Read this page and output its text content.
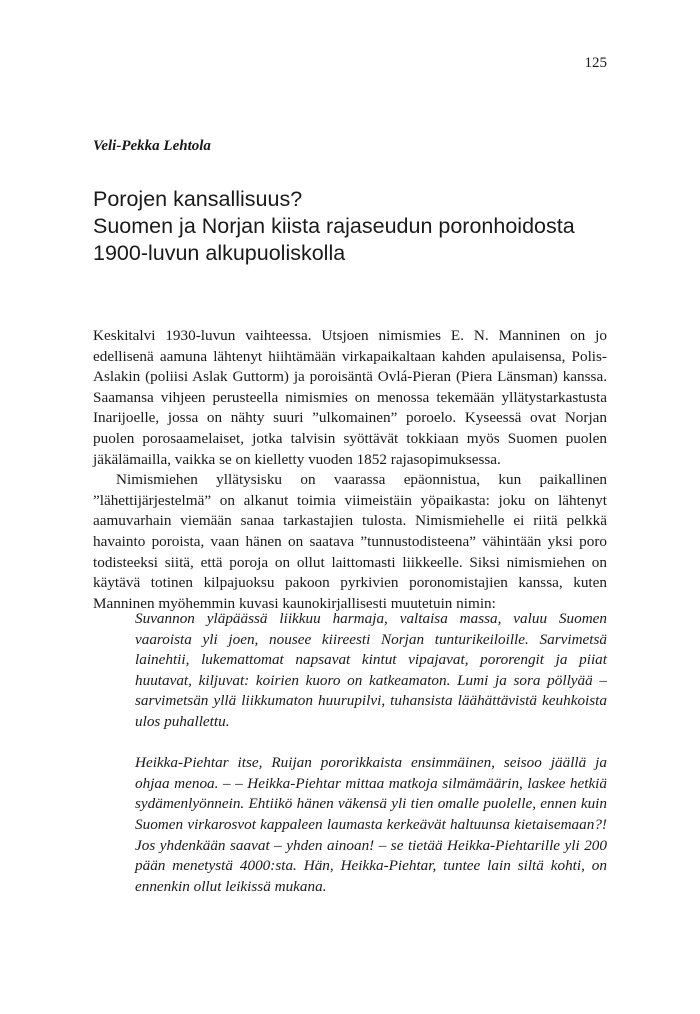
125
Veli-Pekka Lehtola
Porojen kansallisuus?
Suomen ja Norjan kiista rajaseudun poronhoidosta
1900-luvun alkupuoliskolla

Keskitalvi 1930-luvun vaihteessa. Utsjoen nimismies E. N. Manninen on jo edellisenä aamuna lähtenyt hiihtämään virkapaikaltaan kahden apulaisensa, Polis-Aslakin (poliisi Aslak Guttorm) ja poroisäntä Ovlá-Pieran (Piera Länsman) kanssa. Saamansa vihjeen perusteella nimismies on menossa tekemään yllätystarkastusta Inarijoelle, jossa on nähty suuri ”ulkomainen” poroelo. Kyseessä ovat Norjan puolen porosaamelaiset, jotka talvisin syöttävät tokkiaan myös Suomen puolen jäkälämailla, vaikka se on kielletty vuoden 1852 rajasopimuksessa.

Nimismiehen yllätysisku on vaarassa epäonnistua, kun paikallinen ”lähettijärjestelmä” on alkanut toimia viimeistäin yöpaikasta: joku on lähtenyt aamuvarhain viemään sanaa tarkastajien tulosta. Nimismiehelle ei riitä pelkkä havainto poroista, vaan hänen on saatava ”tunnustodisteena” vähintään yksi poro todisteeksi siitä, että poroja on ollut laittomasti liikkeelle. Siksi nimismiehen on käytävä totinen kilpajuoksu pakoon pyrkivien poronomistajien kanssa, kuten Manninen myöhemmin kuvasi kaunokirjallisesti muutetuin nimin:

Suvannon yläpäässä liikkuu harmaja, valtaisa massa, valuu Suomen vaaroista yli joen, nousee kiireesti Norjan tunturikeiloille. Sarvimetsä lainehtii, lukemattomat napsavat kintut vipajavat, pororengit ja piiat huutavat, kiljuvat: koirien kuoro on katkeamaton. Lumi ja sora pöllyää – sarvimetsän yllä liikkumaton huurupilvi, tuhansista läähättävistä keuhkoista ulos puhallettu.

Heikka-Piehtar itse, Ruijan pororikkaista ensimmäinen, seisoo jäällä ja ohjaa menoa. – – Heikka-Piehtar mittaa matkoja silmämäärin, laskee hetkiä sydämenlyönnein. Ehtiikö hänen väkensä yli tien omalle puolelle, ennen kuin Suomen virkarosvot kappaleen laumasta kerkeävät haltuunsa kietaisemaan?! Jos yhdenkään saavat – yhden ainoan! – se tietää Heikka-Piehtarille yli 200 pään menetystä 4000:sta. Hän, Heikka-Piehtar, tuntee lain siltä kohti, on ennenkin ollut leikissä mukana.
